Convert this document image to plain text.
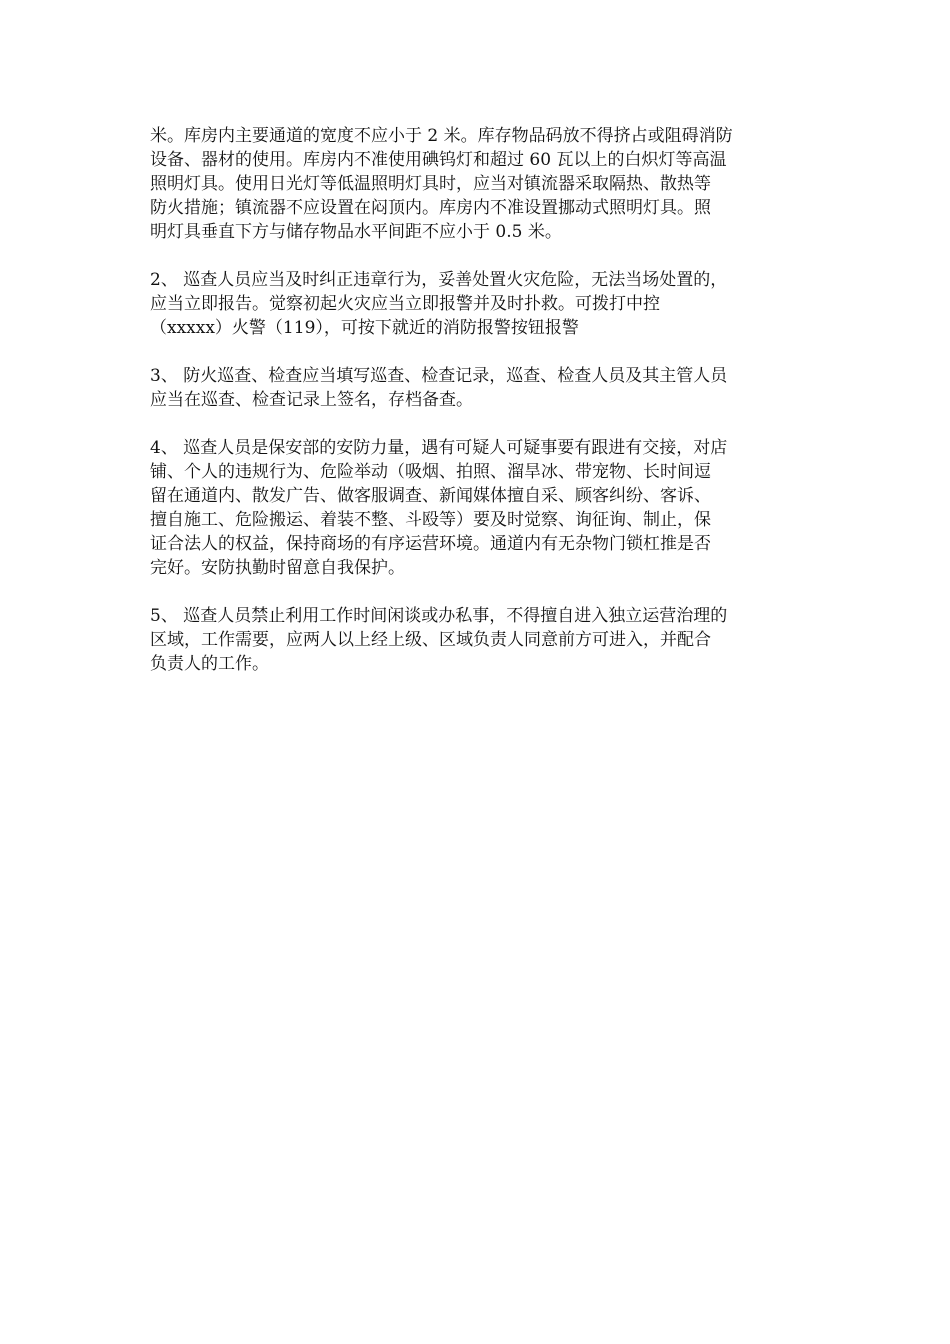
米。库房内主要通道的宽度不应小于 2 米。库存物品码放不得挤占或阻碍消防
设备、器材的使用。库房内不准使用碘钨灯和超过 60 瓦以上的白炽灯等高温
照明灯具。使用日光灯等低温照明灯具时，应当对镇流器采取隔热、散热等
防火措施；镇流器不应设置在闷顶内。库房内不准设置挪动式照明灯具。照
明灯具垂直下方与储存物品水平间距不应小于 0.5 米。
2、 巡查人员应当及时纠正违章行为，妥善处置火灾危险，无法当场处置的，
应当立即报告。觉察初起火灾应当立即报警并及时扑救。可拨打中控
（xxxxx）火警（119），可按下就近的消防报警按钮报警
3、 防火巡查、检查应当填写巡查、检查记录，巡查、检查人员及其主管人员
应当在巡查、检查记录上签名，存档备查。
4、 巡查人员是保安部的安防力量，遇有可疑人可疑事要有跟进有交接，对店
铺、个人的违规行为、危险举动（吸烟、拍照、溜旱冰、带宠物、长时间逗
留在通道内、散发广告、做客服调查、新闻媒体擅自采、顾客纠纷、客诉、
擅自施工、危险搬运、着装不整、斗殴等）要及时觉察、询征询、制止，保
证合法人的权益，保持商场的有序运营环境。通道内有无杂物门锁杠推是否
完好。安防执勤时留意自我保护。
5、 巡查人员禁止利用工作时间闲谈或办私事，不得擅自进入独立运营治理的
区域，工作需要，应两人以上经上级、区域负责人同意前方可进入，并配合
负责人的工作。
